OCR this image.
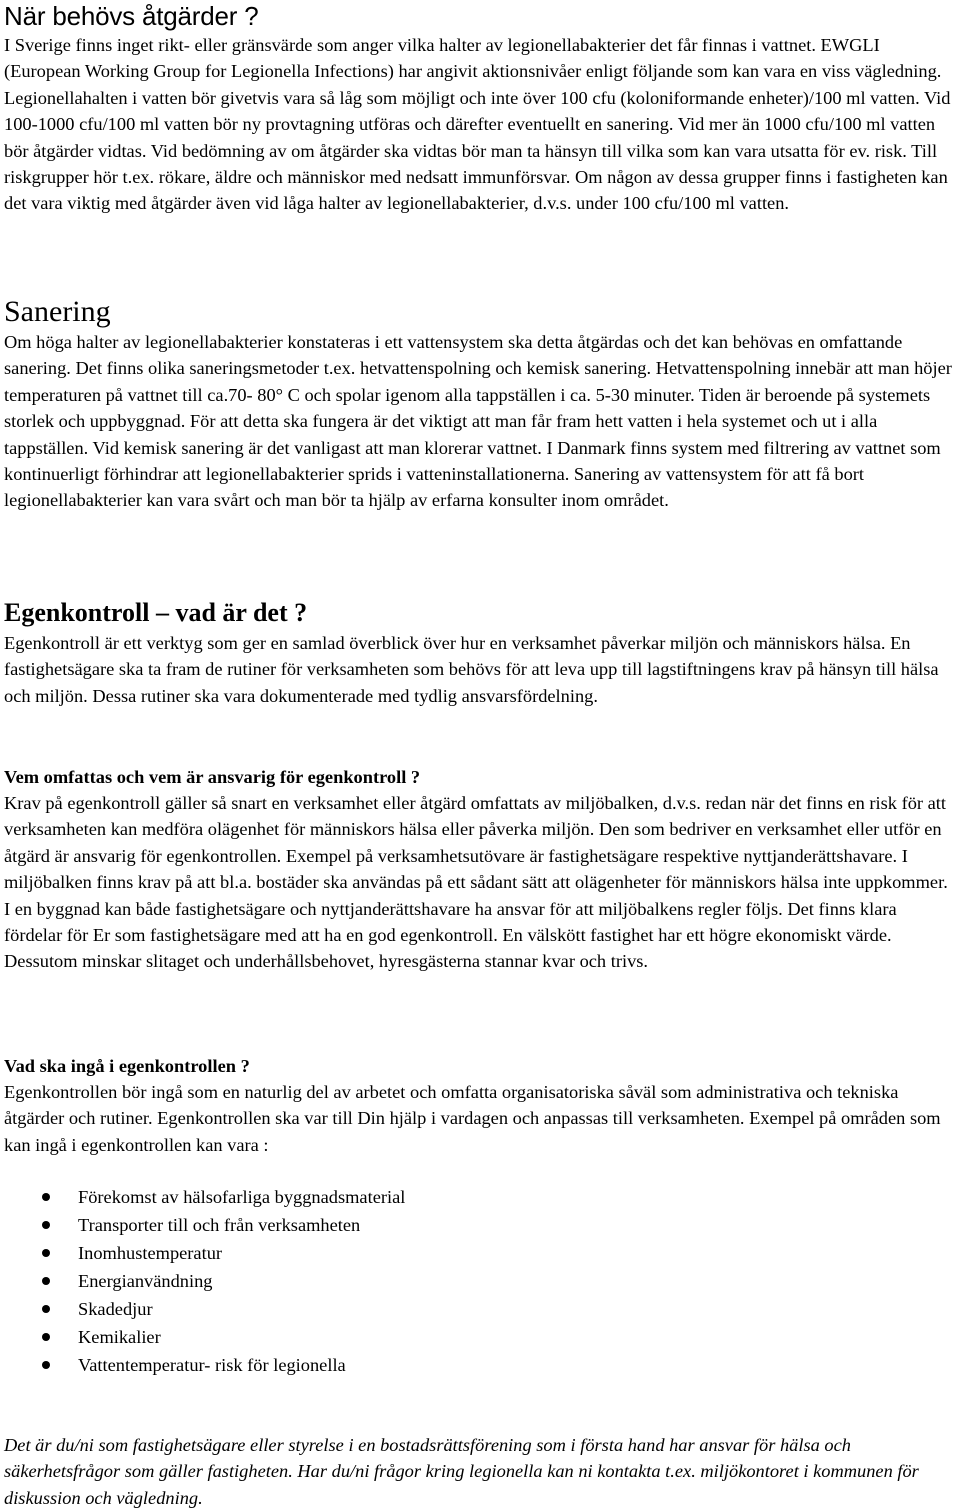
När behövs åtgärder ?

I Sverige finns inget rikt- eller gränsvärde som anger vilka halter av legionellabakterier det får finnas i vattnet. EWGLI (European Working Group for Legionella Infections) har angivit aktionsnivåer enligt följande som kan vara en viss vägledning. Legionellahalten i vatten bör givetvis vara så låg som möjligt och inte över 100 cfu (koloniformande enheter)/100 ml vatten. Vid 100-1000 cfu/100 ml vatten bör ny provtagning utföras och därefter eventuellt en sanering. Vid mer än 1000 cfu/100 ml vatten bör åtgärder vidtas. Vid bedömning av om åtgärder ska vidtas bör man ta hänsyn till vilka som kan vara utsatta för ev. risk. Till riskgrupper hör t.ex. rökare, äldre och människor med nedsatt immunförsvar. Om någon av dessa grupper finns i fastigheten kan det vara viktig med åtgärder även vid låga halter av legionellabakterier, d.v.s. under 100 cfu/100 ml vatten.

Sanering

Om höga halter av legionellabakterier konstateras i ett vattensystem ska detta åtgärdas och det kan behövas en omfattande sanering. Det finns olika saneringsmetoder t.ex. hetvattenspolning och kemisk sanering. Hetvattenspolning innebär att man höjer temperaturen på vattnet till ca.70- 80° C och spolar igenom alla tappställen i ca. 5-30 minuter. Tiden är beroende på systemets storlek och uppbyggnad. För att detta ska fungera är det viktigt att man får fram hett vatten i hela systemet och ut i alla tappställen. Vid kemisk sanering är det vanligast att man klorerar vattnet. I Danmark finns system med filtrering av vattnet som kontinuerligt förhindrar att legionellabakterier sprids i vatteninstallationerna. Sanering av vattensystem för att få bort legionellabakterier kan vara svårt och man bör ta hjälp av erfarna konsulter inom området.

Egenkontroll – vad är det ?

Egenkontroll är ett verktyg som ger en samlad överblick över hur en verksamhet påverkar miljön och människors hälsa. En fastighetsägare ska ta fram de rutiner för verksamheten som behövs för att leva upp till lagstiftningens krav på hänsyn till hälsa och miljön. Dessa rutiner ska vara dokumenterade med tydlig ansvarsfördelning.

Vem omfattas och vem är ansvarig för egenkontroll ?

Krav på egenkontroll gäller så snart en verksamhet eller åtgärd omfattats av miljöbalken, d.v.s. redan när det finns en risk för att verksamheten kan medföra olägenhet för människors hälsa eller påverka miljön. Den som bedriver en verksamhet eller utför en åtgärd är ansvarig för egenkontrollen. Exempel på verksamhetsutövare är fastighetsägare respektive nyttjanderättshavare. I miljöbalken finns krav på att bl.a. bostäder ska användas på ett sådant sätt att olägenheter för människors hälsa inte uppkommer. I en byggnad kan både fastighetsägare och nyttjanderättshavare ha ansvar för att miljöbalkens regler följs. Det finns klara fördelar för Er som fastighetsägare med att ha en god egenkontroll. En välskött fastighet har ett högre ekonomiskt värde. Dessutom minskar slitaget och underhållsbehovet, hyresgästerna stannar kvar och trivs.

Vad ska ingå i egenkontrollen ?

Egenkontrollen bör ingå som en naturlig del av arbetet och omfatta organisatoriska såväl som administrativa och tekniska åtgärder och rutiner. Egenkontrollen ska var till Din hjälp i vardagen och anpassas till verksamheten. Exempel på områden som kan ingå i egenkontrollen kan vara :

Förekomst av hälsofarliga byggnadsmaterial
Transporter till och från verksamheten
Inomhustemperatur
Energianvändning
Skadedjur
Kemikalier
Vattentemperatur- risk för legionella

Det är du/ni som fastighetsägare eller styrelse i en bostadsrättsförening som i första hand har ansvar för hälsa och säkerhetsfrågor som gäller fastigheten. Har du/ni frågor kring legionella kan ni kontakta t.ex. miljökontoret i kommunen för diskussion och vägledning.
